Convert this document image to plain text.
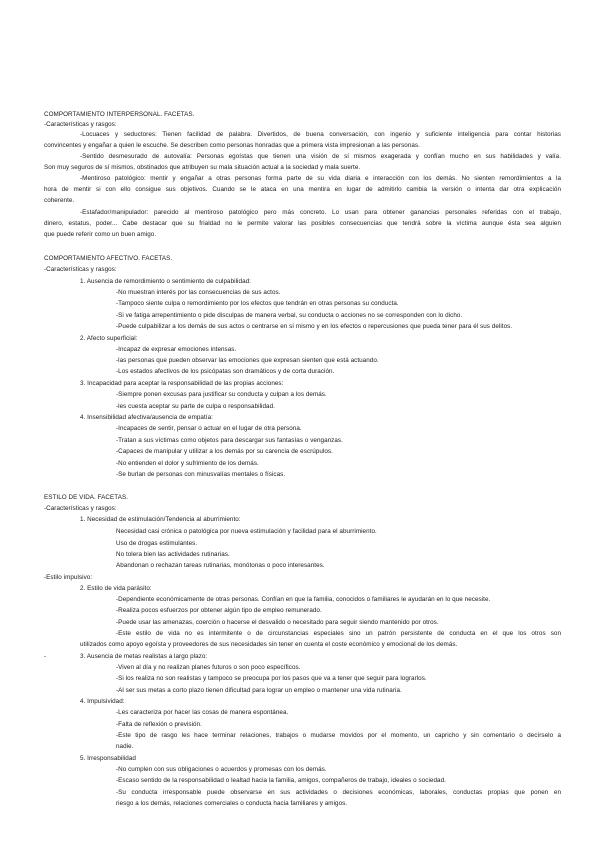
COMPORTAMIENTO INTERPERSONAL. FACETAS.
-Características y rasgos:
-Locuaces y seductores: Tienen facilidad de palabra. Divertidos, de buena conversación, con ingenio y suficiente inteligencia para contar historias
convincentes y engañar a quien le escuche. Se describen como personas honradas que a primera vista impresionan a las personas.
-Sentido desmesurado de autovalía: Personas egoístas que tienen una visión de sí mismos exagerada y confían mucho en sus habilidades y valía.
Son muy seguros de sí mismos, obstinados que atribuyen su mala situación actual a la sociedad y mala suerte.
-Mentiroso patológico: mentir y engañar a otras personas forma parte de su vida diaria e interacción con los demás. No sienten remordimientos a la
hora de mentir si con ello consigue sus objetivos. Cuando se le ataca en una mentira en lugar de admitirlo cambia la versión o intenta dar otra explicación
coherente.
-Estafador/manipulador: parecido al mentiroso patológico pero más concreto. Lo usan para obtener ganancias personales referidas con el trabajo,
dinero, estatus, poder... Cabe destacar que su frialdad no le permite valorar las posibles consecuencias que tendrá sobre la víctima aunque ésta sea alguien
que puede referir como un buen amigo.
COMPORTAMIENTO AFECTIVO. FACETAS.
-Características y rasgos:
1. Ausencia de remordimiento o sentimiento de culpabilidad:
-No muestran interés por las consecuencias de sus actos.
-Tampoco siente culpa o remordimiento por los efectos que tendrán en otras personas su conducta.
-Si ve fatiga arrepentimiento o pide disculpas de manera verbal, su conducta o acciones no se corresponden con lo dicho.
-Puede culpabilizar a los demás de sus actos o centrarse en sí mismo y en los efectos o repercusiones que pueda tener para él sus delitos.
2. Afecto superficial:
-Incapaz de expresar emociones intensas.
-las personas que pueden observar las emociones que expresan sienten que está actuando.
-Los estados afectivos de los psicópatas son dramáticos y de corta duración.
3. Incapacidad para aceptar la responsabilidad de las propias acciones:
-Siempre ponen excusas para justificar su conducta y culpan a los demás.
-les cuesta aceptar su parte de culpa o responsabilidad.
4. Insensibilidad afectiva/ausencia de empatía:
-Incapaces de sentir, pensar o actuar en el lugar de otra persona.
-Tratan a sus víctimas como objetos para descargar sus fantasías o venganzas.
-Capaces de manipular y utilizar a los demás por su carencia de escrúpulos.
-No entienden el dolor y sufrimiento de los demás.
-Se burlan de personas con minusvalías mentales o físicas.
ESTILO DE VIDA. FACETAS.
-Características y rasgos:
1. Necesidad de estimulación/Tendencia al aburrimiento:
Necesidad casi crónica o patológica por nueva estimulación y facilidad para el aburrimiento.
Uso de drogas estimulantes.
No tolera bien las actividades rutinarias.
Abandonan o rechazan tareas rutinarias, monótonas o poco interesantes.
-Estilo impulsivo:
2. Estilo de vida parásito:
-Dependiente económicamente de otras personas. Confían en que la familia, conocidos o familiares le ayudarán en lo que necesite.
-Realiza pocos esfuerzos por obtener algún tipo de empleo remunerado.
-Puede usar las amenazas, coerción o hacerse el desvalido o necesitado para seguir siendo mantenido por otros.
-Este estilo de vida no es intermitente o de circunstancias especiales sino un patrón persistente de conducta en el que los otros son
utilizados como apoyo egoísta y proveedores de sus necesidades sin tener en cuenta el coste económico y emocional de los demás.
-	3. Ausencia de metas realistas a largo plazo:
-Viven al día y no realizan planes futuros o son poco específicos.
-Si los realiza no son realistas y tampoco se preocupa por los pasos que va a tener que seguir para lograrlos.
-Al ser sus metas a corto plazo tienen dificultad para lograr un empleo o mantener una vida rutinaria.
4. Impulsividad:
-Les caracteriza por hacer las cosas de manera espontánea.
-Falta de reflexión o previsión.
-Este tipo de rasgo les hace terminar relaciones, trabajos o mudarse movidos por el momento, un capricho y sin comentario o decírselo a
nadie.
5. Irresponsabilidad
-No cumplen con sus obligaciones o acuerdos y promesas con los demás.
-Escaso sentido de la responsabilidad o lealtad hacia la familia, amigos, compañeros de trabajo, ideales o sociedad.
-Su conducta irresponsable puede observarse en sus actividades o decisiones económicas, laborales, conductas propias que ponen en
riesgo a los demás, relaciones comerciales o conducta hacia familiares y amigos.
